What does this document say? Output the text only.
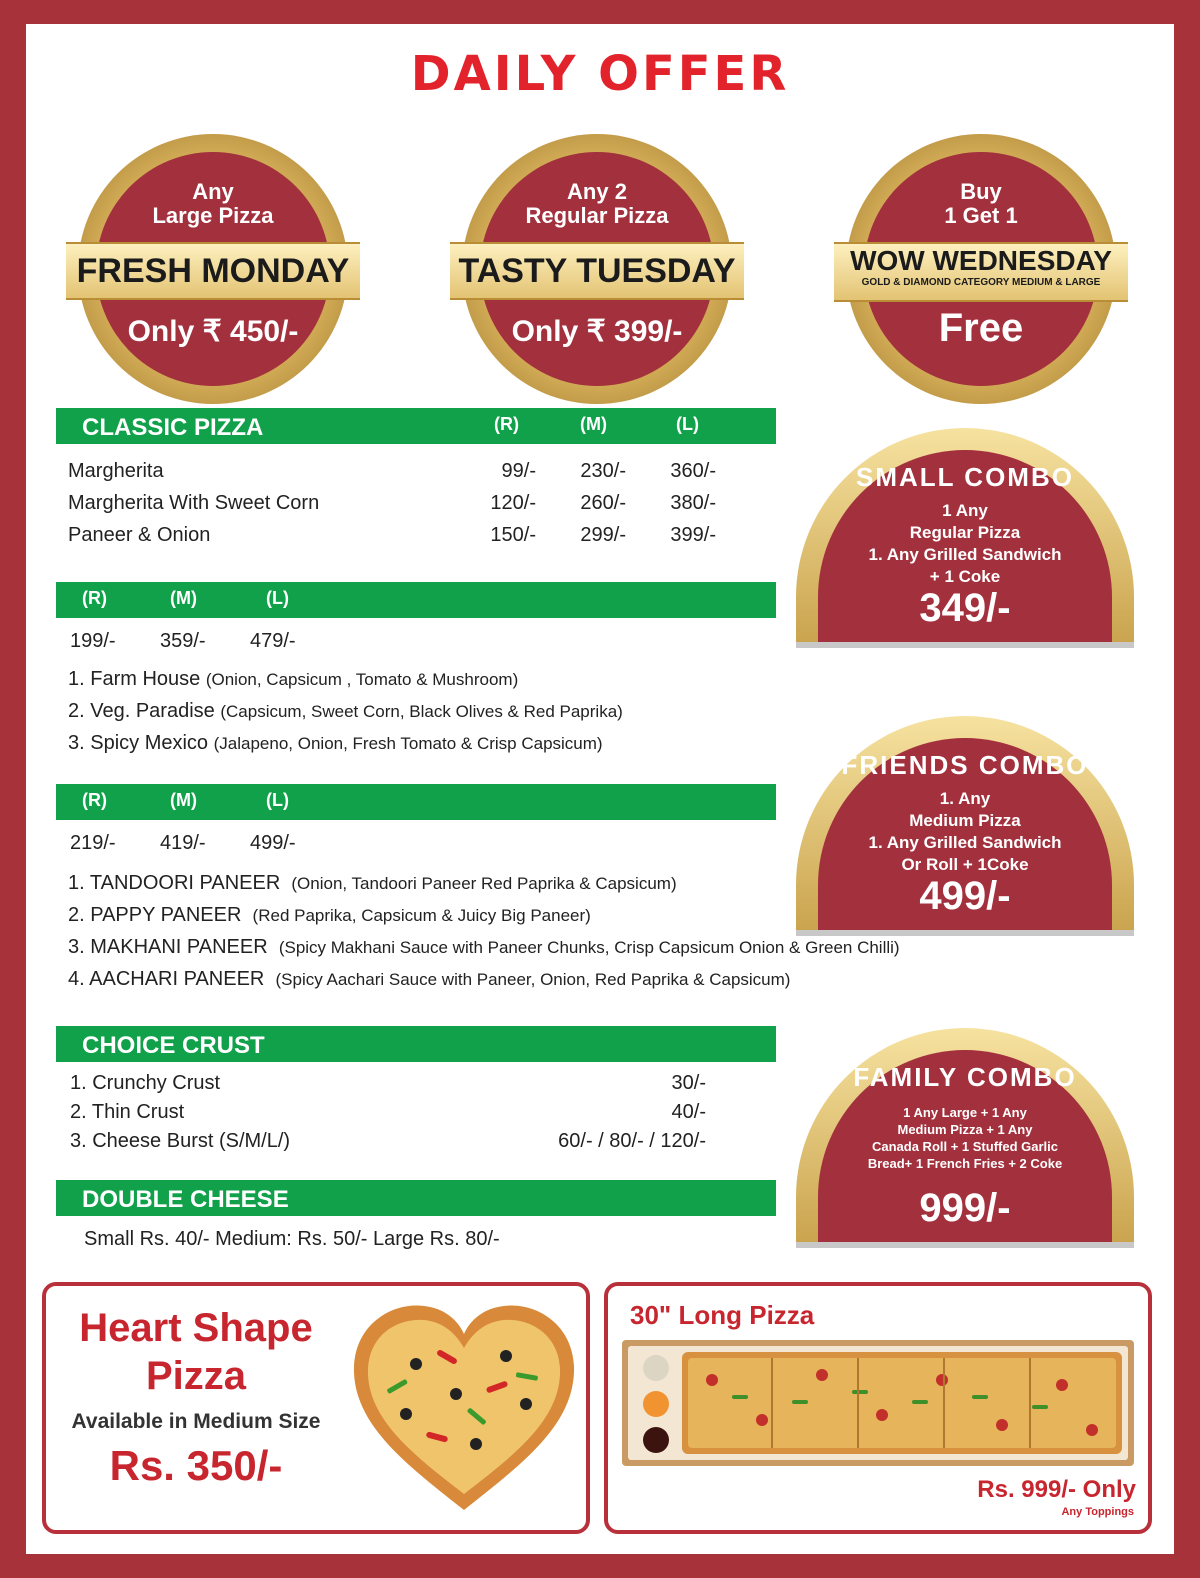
DAILY OFFER
Any
Large Pizza
FRESH MONDAY
Only ₹ 450/-
Any 2
Regular Pizza
TASTY TUESDAY
Only ₹ 399/-
Buy
1 Get 1
WOW WEDNESDAY
GOLD & DIAMOND CATEGORY MEDIUM & LARGE
Free
CLASSIC PIZZA	(R)	(M)	(L)
Margherita	99/-	230/-	360/-
Margherita With Sweet Corn	120/-	260/-	380/-
Paneer & Onion	150/-	299/-	399/-
(R)	(M)	(L)
199/- 359/- 479/-
1. Farm House (Onion, Capsicum , Tomato & Mushroom)
2. Veg. Paradise (Capsicum, Sweet Corn, Black Olives & Red Paprika)
3. Spicy Mexico (Jalapeno, Onion, Fresh Tomato & Crisp Capsicum)
(R)	(M)	(L)
219/- 419/- 499/-
1. TANDOORI PANEER (Onion, Tandoori Paneer Red Paprika & Capsicum)
2. PAPPY PANEER (Red Paprika, Capsicum & Juicy Big Paneer)
3. MAKHANI PANEER (Spicy Makhani Sauce with Paneer Chunks, Crisp Capsicum Onion & Green Chilli)
4. AACHARI PANEER (Spicy Aachari Sauce with Paneer, Onion, Red Paprika & Capsicum)
CHOICE CRUST
1. Crunchy Crust	30/-
2. Thin Crust	40/-
3. Cheese Burst (S/M/L/)	60/- / 80/- / 120/-
DOUBLE CHEESE
Small Rs. 40/- Medium: Rs. 50/- Large Rs. 80/-
SMALL COMBO
1 Any
Regular Pizza
1. Any Grilled Sandwich
+ 1 Coke
349/-
FRIENDS COMBO
1. Any
Medium Pizza
1. Any Grilled Sandwich
Or Roll + 1Coke
499/-
FAMILY COMBO
1 Any Large + 1 Any
Medium Pizza + 1 Any
Canada Roll + 1 Stuffed Garlic
Bread+ 1 French Fries + 2 Coke
999/-
Heart Shape
Pizza
Available in Medium Size
Rs. 350/-
30" Long Pizza
Rs. 999/- Only
Any Toppings
